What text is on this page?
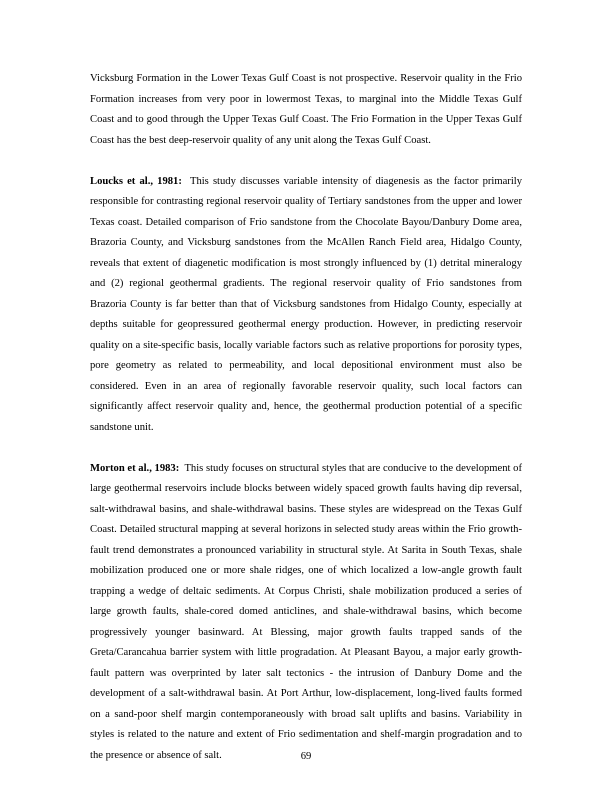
Vicksburg Formation in the Lower Texas Gulf Coast is not prospective. Reservoir quality in the Frio Formation increases from very poor in lowermost Texas, to marginal into the Middle Texas Gulf Coast and to good through the Upper Texas Gulf Coast. The Frio Formation in the Upper Texas Gulf Coast has the best deep-reservoir quality of any unit along the Texas Gulf Coast.

Loucks et al., 1981: This study discusses variable intensity of diagenesis as the factor primarily responsible for contrasting regional reservoir quality of Tertiary sandstones from the upper and lower Texas coast. Detailed comparison of Frio sandstone from the Chocolate Bayou/Danbury Dome area, Brazoria County, and Vicksburg sandstones from the McAllen Ranch Field area, Hidalgo County, reveals that extent of diagenetic modification is most strongly influenced by (1) detrital mineralogy and (2) regional geothermal gradients. The regional reservoir quality of Frio sandstones from Brazoria County is far better than that of Vicksburg sandstones from Hidalgo County, especially at depths suitable for geopressured geothermal energy production. However, in predicting reservoir quality on a site-specific basis, locally variable factors such as relative proportions for porosity types, pore geometry as related to permeability, and local depositional environment must also be considered. Even in an area of regionally favorable reservoir quality, such local factors can significantly affect reservoir quality and, hence, the geothermal production potential of a specific sandstone unit.

Morton et al., 1983: This study focuses on structural styles that are conducive to the development of large geothermal reservoirs include blocks between widely spaced growth faults having dip reversal, salt-withdrawal basins, and shale-withdrawal basins. These styles are widespread on the Texas Gulf Coast. Detailed structural mapping at several horizons in selected study areas within the Frio growth-fault trend demonstrates a pronounced variability in structural style. At Sarita in South Texas, shale mobilization produced one or more shale ridges, one of which localized a low-angle growth fault trapping a wedge of deltaic sediments. At Corpus Christi, shale mobilization produced a series of large growth faults, shale-cored domed anticlines, and shale-withdrawal basins, which become progressively younger basinward. At Blessing, major growth faults trapped sands of the Greta/Carancahua barrier system with little progradation. At Pleasant Bayou, a major early growth-fault pattern was overprinted by later salt tectonics - the intrusion of Danbury Dome and the development of a salt-withdrawal basin. At Port Arthur, low-displacement, long-lived faults formed on a sand-poor shelf margin contemporaneously with broad salt uplifts and basins. Variability in styles is related to the nature and extent of Frio sedimentation and shelf-margin progradation and to the presence or absence of salt.	69
